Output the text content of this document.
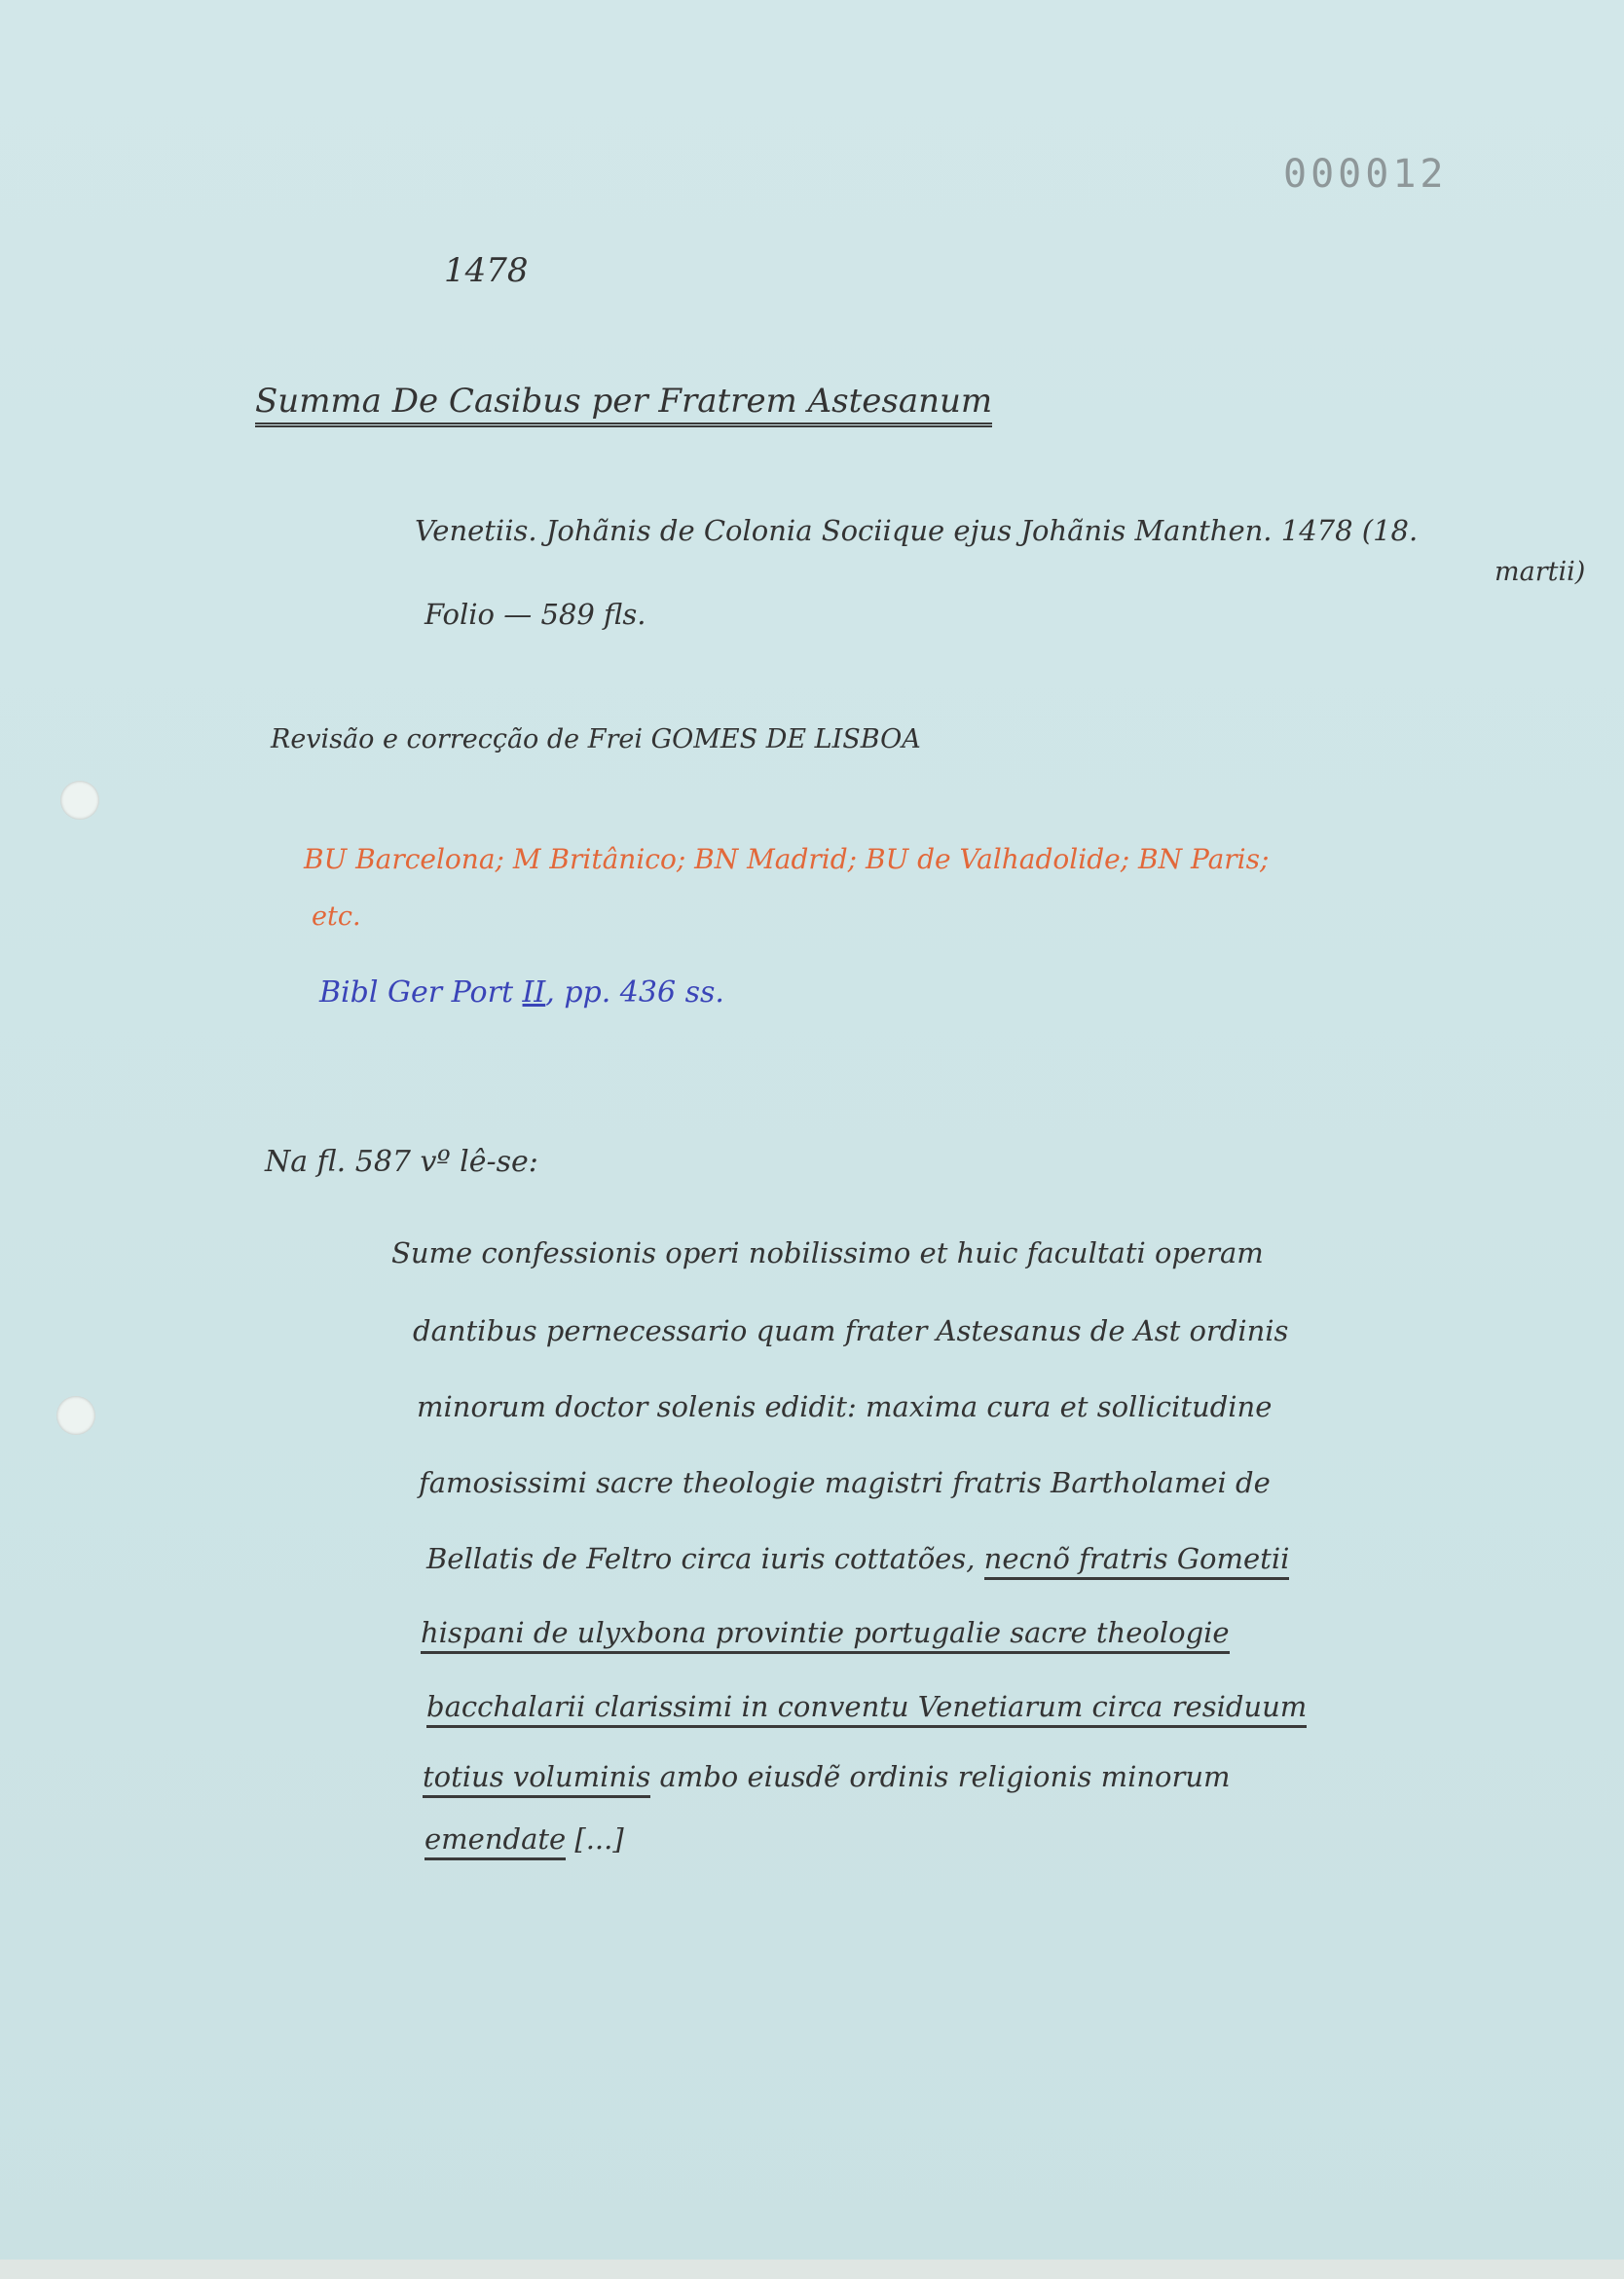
000012

1478

Summa De Casibus per Fratrem Astesanum

Venetiis. Johãnis de Colonia Sociique ejus Johãnis Manthen. 1478 (18.

martii)

Folio — 589 fls.

Revisão e correcção de Frei GOMES DE LISBOA

BU Barcelona; M Britânico; BN Madrid; BU de Valhadolide; BN Paris;

etc.

Bibl Ger Port II, pp. 436 ss.

Na fl. 587 vº lê-se:

Sume confessionis operi nobilissimo et huic facultati operam

dantibus pernecessario quam frater Astesanus de Ast ordinis

minorum doctor solenis edidit: maxima cura et sollicitudine

famosissimi sacre theologie magistri fratris Bartholamei de

Bellatis de Feltro circa iuris cottatões, necnõ fratris Gometii

hispani de ulyxbona provintie portugalie sacre theologie

bacchalarii clarissimi in conventu Venetiarum circa residuum

totius voluminis ambo eiusdẽ ordinis religionis minorum

emendate [...]
